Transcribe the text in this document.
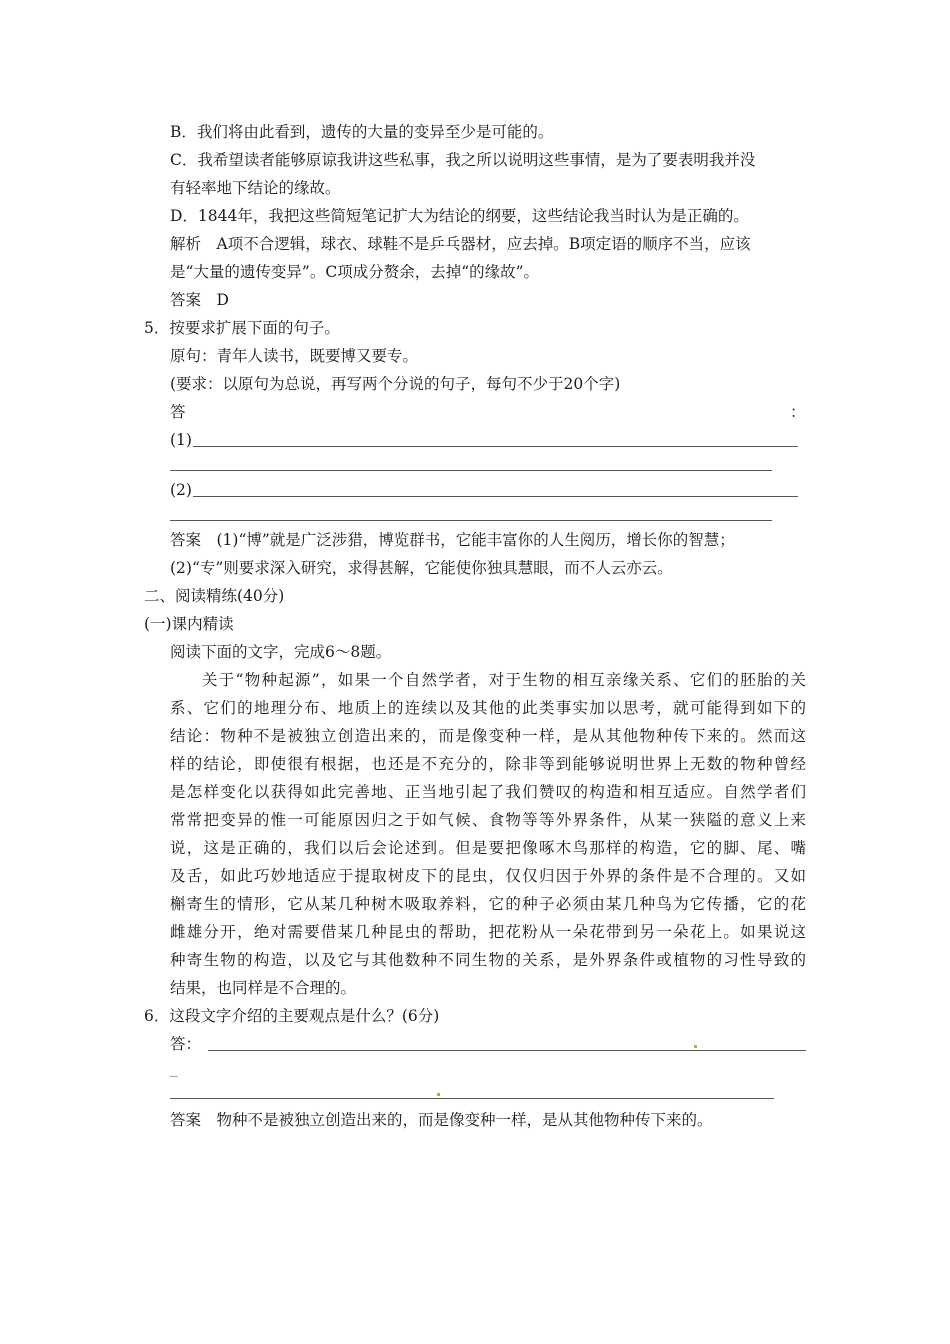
B．我们将由此看到，遗传的大量的变异至少是可能的。
C．我希望读者能够原谅我讲这些私事，我之所以说明这些事情，是为了要表明我并没
有轻率地下结论的缘故。
D．1844年，我把这些简短笔记扩大为结论的纲要，这些结论我当时认为是正确的。
解析　A项不合逻辑，球衣、球鞋不是乒乓器材，应去掉。B项定语的顺序不当，应该
是“大量的遗传变异”。C项成分赘余，去掉“的缘故”。
答案　D
5．按要求扩展下面的句子。
原句：青年人读书，既要博又要专。
(要求：以原句为总说，再写两个分说的句子，每句不少于20个字)
答	：
(1)
(2)
答案　(1)“博”就是广泛涉猎，博览群书，它能丰富你的人生阅历，增长你的智慧；
(2)“专”则要求深入研究，求得甚解，它能使你独具慧眼，而不人云亦云。
二、阅读精练(40分)
(一)课内精读
阅读下面的文字，完成6～8题。
关于“物种起源”，如果一个自然学者，对于生物的相互亲缘关系、它们的胚胎的关
系、它们的地理分布、地质上的连续以及其他的此类事实加以思考，就可能得到如下的
结论：物种不是被独立创造出来的，而是像变种一样，是从其他物种传下来的。然而这
样的结论，即使很有根据，也还是不充分的，除非等到能够说明世界上无数的物种曾经
是怎样变化以获得如此完善地、正当地引起了我们赞叹的构造和相互适应。自然学者们
常常把变异的惟一可能原因归之于如气候、食物等等外界条件，从某一狭隘的意义上来
说，这是正确的，我们以后会论述到。但是要把像啄木鸟那样的构造，它的脚、尾、嘴
及舌，如此巧妙地适应于提取树皮下的昆虫，仅仅归因于外界的条件是不合理的。又如
槲寄生的情形，它从某几种树木吸取养料，它的种子必须由某几种鸟为它传播，它的花
雌雄分开，绝对需要借某几种昆虫的帮助，把花粉从一朵花带到另一朵花上。如果说这
种寄生物的构造，以及它与其他数种不同生物的关系，是外界条件或植物的习性导致的
结果，也同样是不合理的。
6．这段文字介绍的主要观点是什么？(6分)
答：
_
答案　物种不是被独立创造出来的，而是像变种一样，是从其他物种传下来的。
